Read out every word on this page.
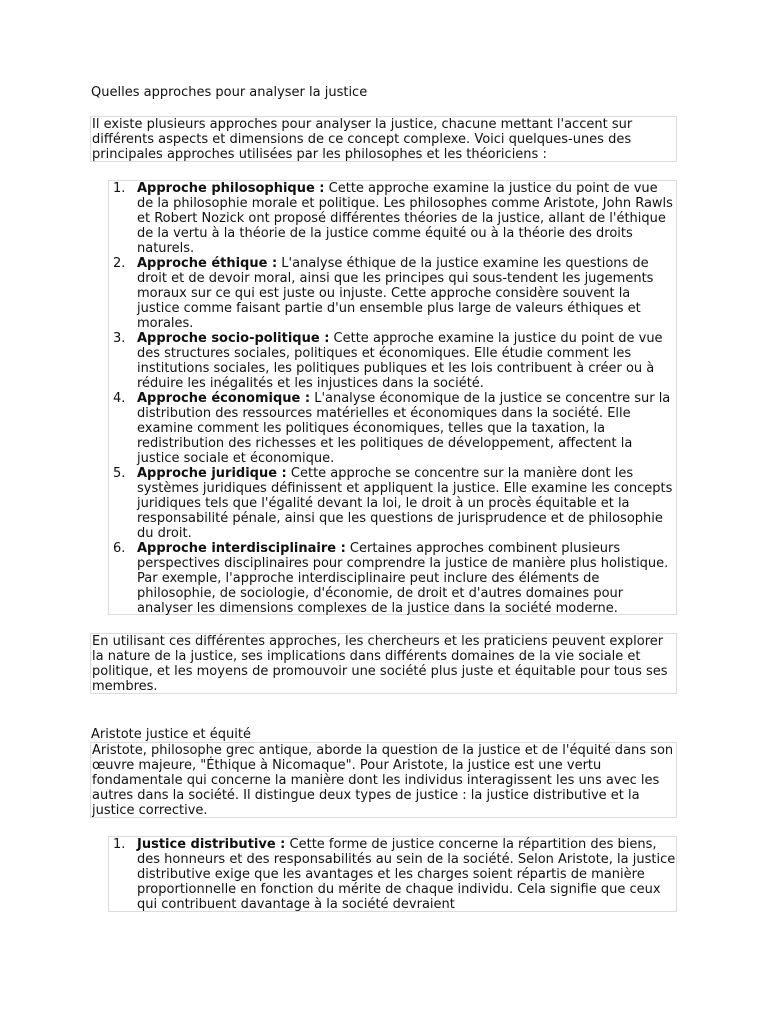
Quelles approches pour analyser la justice

Il existe plusieurs approches pour analyser la justice, chacune mettant l'accent sur différents aspects et dimensions de ce concept complexe. Voici quelques-unes des principales approches utilisées par les philosophes et les théoriciens :

1. Approche philosophique : Cette approche examine la justice du point de vue de la philosophie morale et politique. Les philosophes comme Aristote, John Rawls et Robert Nozick ont proposé différentes théories de la justice, allant de l'éthique de la vertu à la théorie de la justice comme équité ou à la théorie des droits naturels.
2. Approche éthique : L'analyse éthique de la justice examine les questions de droit et de devoir moral, ainsi que les principes qui sous-tendent les jugements moraux sur ce qui est juste ou injuste. Cette approche considère souvent la justice comme faisant partie d'un ensemble plus large de valeurs éthiques et morales.
3. Approche socio-politique : Cette approche examine la justice du point de vue des structures sociales, politiques et économiques. Elle étudie comment les institutions sociales, les politiques publiques et les lois contribuent à créer ou à réduire les inégalités et les injustices dans la société.
4. Approche économique : L'analyse économique de la justice se concentre sur la distribution des ressources matérielles et économiques dans la société. Elle examine comment les politiques économiques, telles que la taxation, la redistribution des richesses et les politiques de développement, affectent la justice sociale et économique.
5. Approche juridique : Cette approche se concentre sur la manière dont les systèmes juridiques définissent et appliquent la justice. Elle examine les concepts juridiques tels que l'égalité devant la loi, le droit à un procès équitable et la responsabilité pénale, ainsi que les questions de jurisprudence et de philosophie du droit.
6. Approche interdisciplinaire : Certaines approches combinent plusieurs perspectives disciplinaires pour comprendre la justice de manière plus holistique. Par exemple, l'approche interdisciplinaire peut inclure des éléments de philosophie, de sociologie, d'économie, de droit et d'autres domaines pour analyser les dimensions complexes de la justice dans la société moderne.

En utilisant ces différentes approches, les chercheurs et les praticiens peuvent explorer la nature de la justice, ses implications dans différents domaines de la vie sociale et politique, et les moyens de promouvoir une société plus juste et équitable pour tous ses membres.

Aristote justice et équité

Aristote, philosophe grec antique, aborde la question de la justice et de l'équité dans son œuvre majeure, "Éthique à Nicomaque". Pour Aristote, la justice est une vertu fondamentale qui concerne la manière dont les individus interagissent les uns avec les autres dans la société. Il distingue deux types de justice : la justice distributive et la justice corrective.

1. Justice distributive : Cette forme de justice concerne la répartition des biens, des honneurs et des responsabilités au sein de la société. Selon Aristote, la justice distributive exige que les avantages et les charges soient répartis de manière proportionnelle en fonction du mérite de chaque individu. Cela signifie que ceux qui contribuent davantage à la société devraient
